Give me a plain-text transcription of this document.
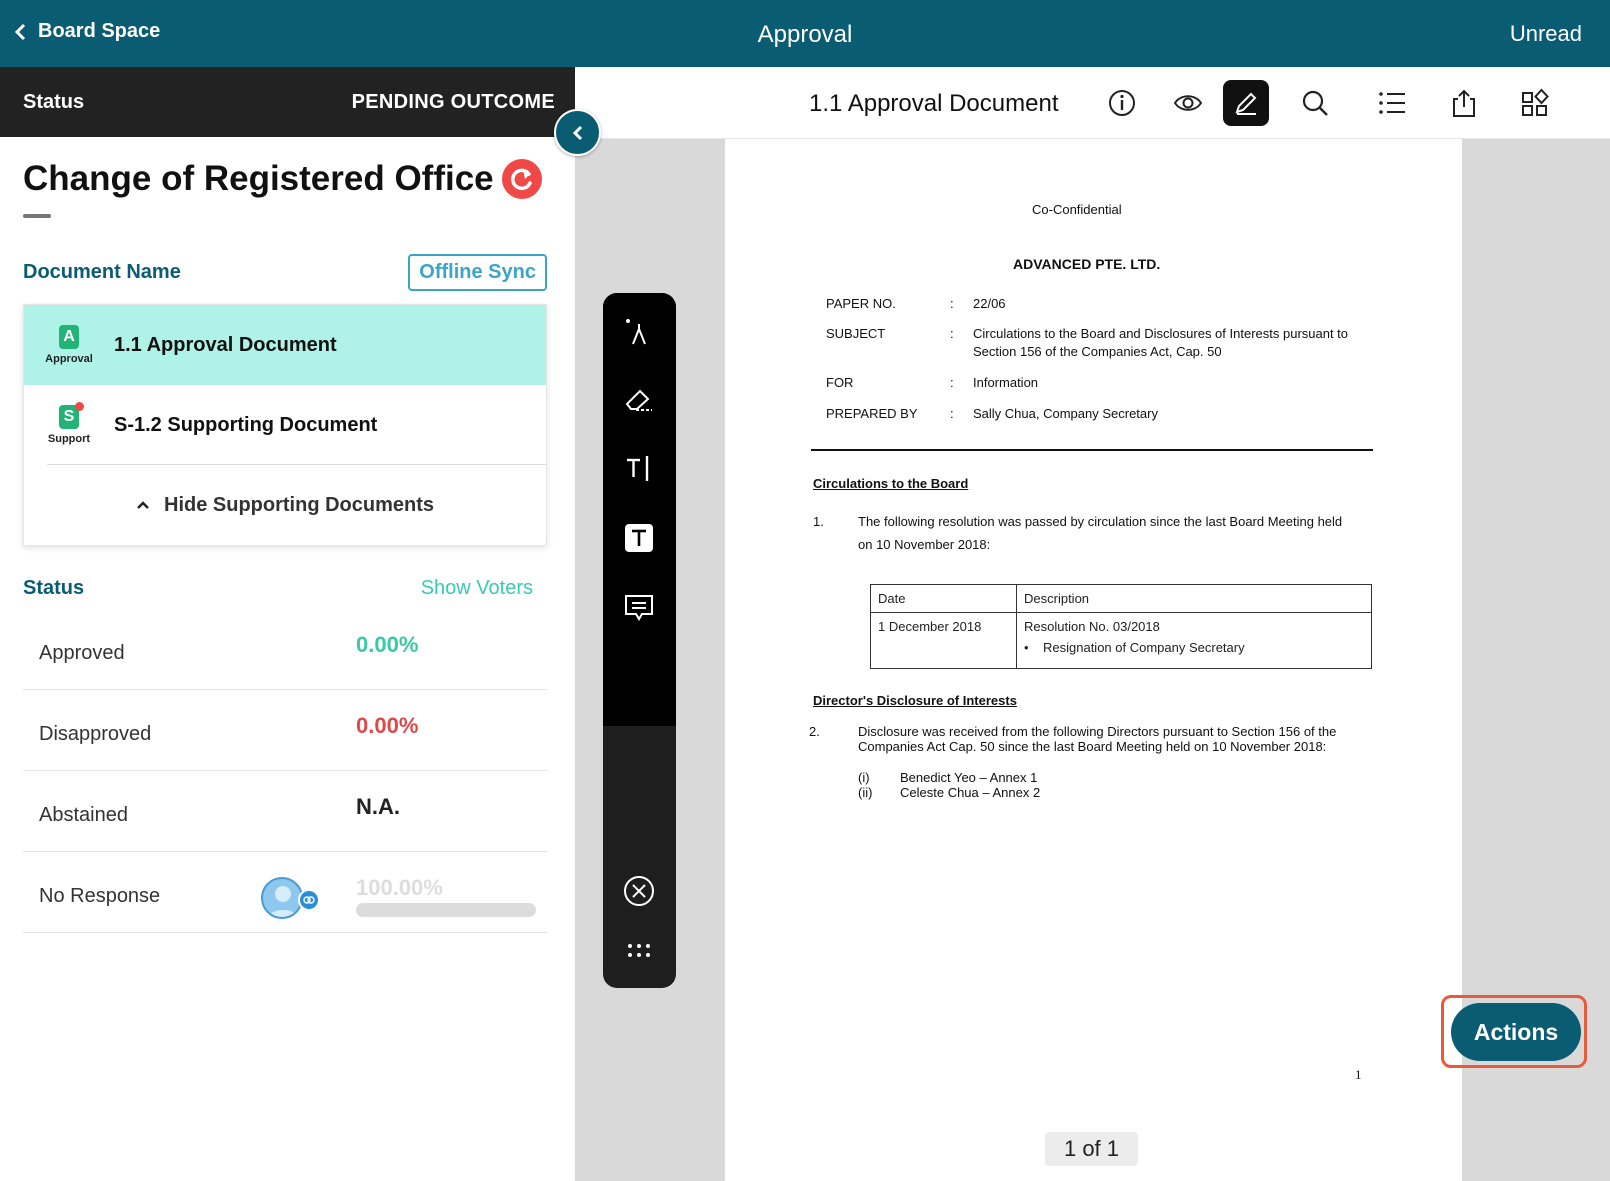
Board Space	Approval	Unread
Status	PENDING OUTCOME
Change of Registered Office
Document Name	Offline Sync
A
Approval
1.1 Approval Document
S
Support
S-1.2 Supporting Document
Hide Supporting Documents
Status	Show Voters
Approved	0.00%
Disapproved	0.00%
Abstained	N.A.
No Response	100.00%
1.1 Approval Document
Co-Confidential
ADVANCED PTE. LTD.
PAPER NO.	: 22/06
SUBJECT	: Circulations to the Board and Disclosures of Interests pursuant to
Section 156 of the Companies Act, Cap. 50
FOR	: Information
PREPARED BY : Sally Chua, Company Secretary
Circulations to the Board
1.	The following resolution was passed by circulation since the last Board Meeting held
on 10 November 2018:
Date	Description
1 December 2018	Resolution No. 03/2018
•    Resignation of Company Secretary
Director's Disclosure of Interests
2.	Disclosure was received from the following Directors pursuant to Section 156 of the
Companies Act Cap. 50 since the last Board Meeting held on 10 November 2018:
(i) Benedict Yeo – Annex 1
(ii) Celeste Chua – Annex 2
1
1 of 1
Actions
